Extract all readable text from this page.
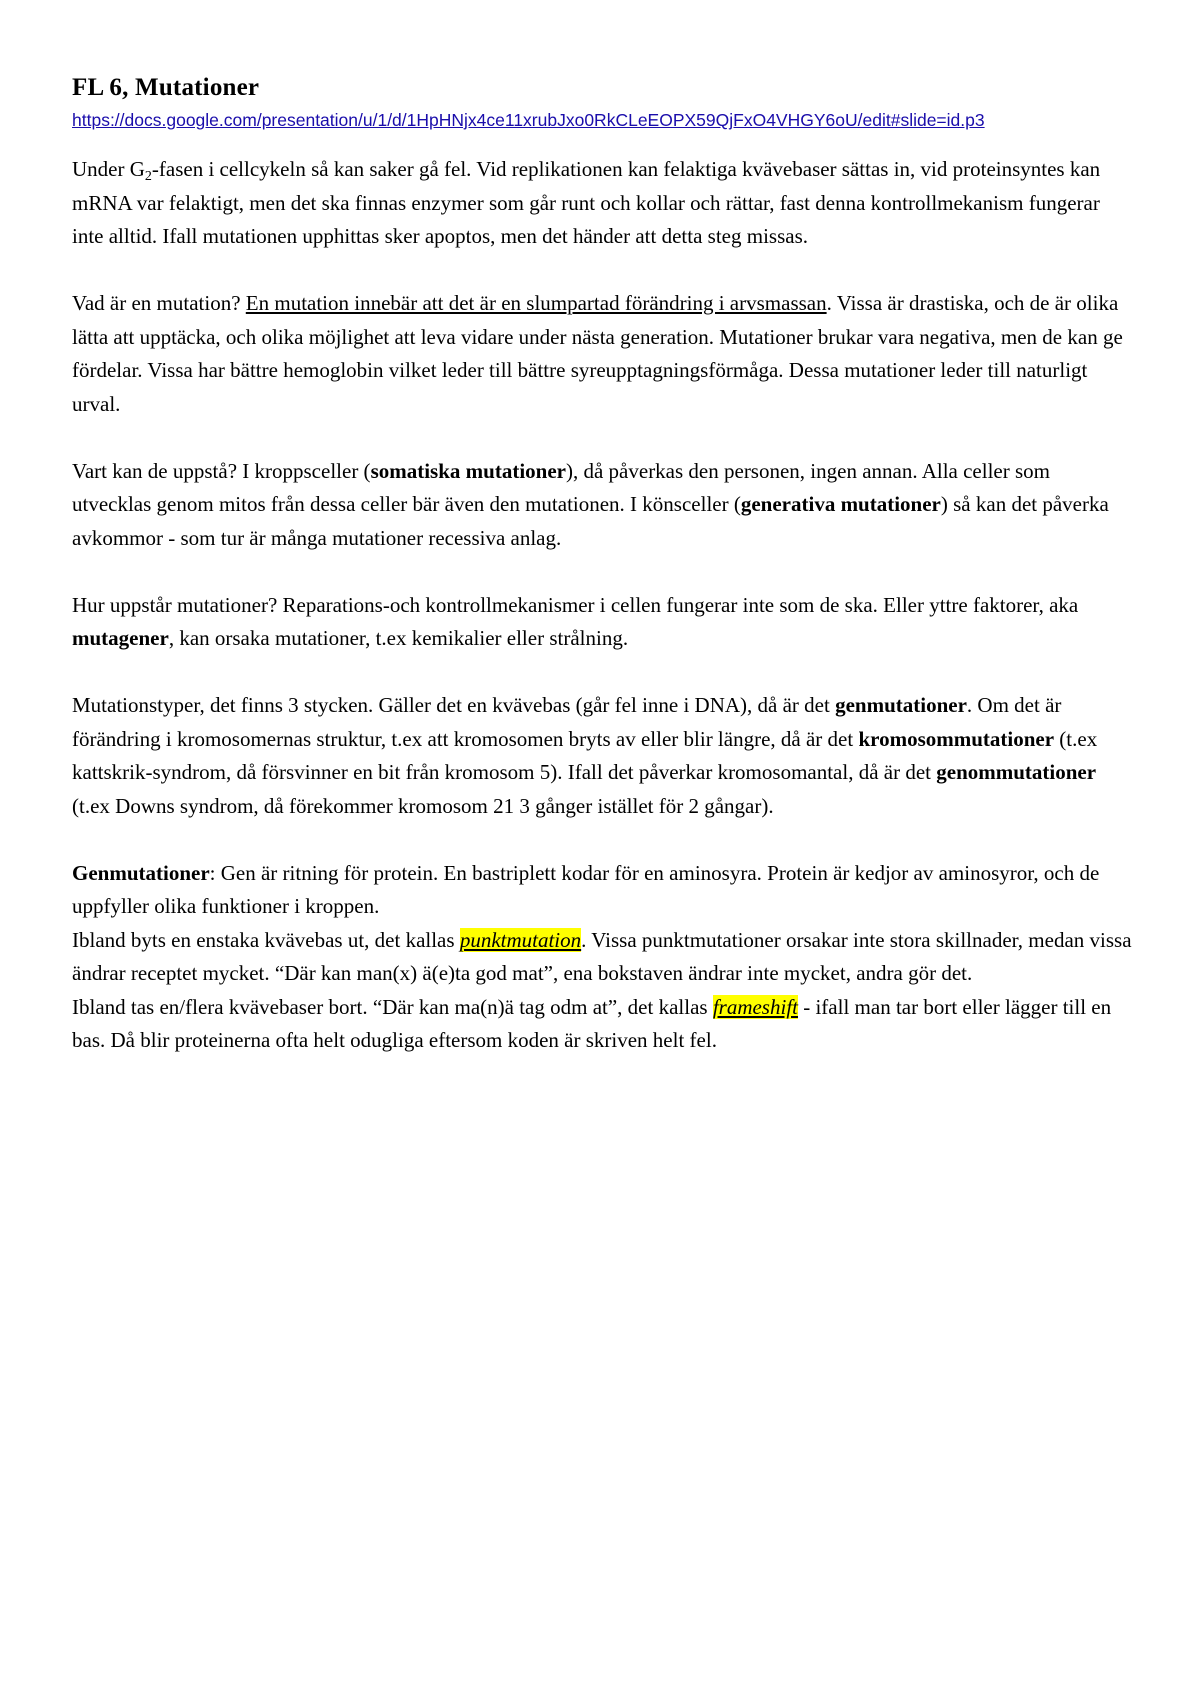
FL 6, Mutationer
https://docs.google.com/presentation/u/1/d/1HpHNjx4ce11xrubJxo0RkCLeEOPX59QjFxO4VHGY6oU/edit#slide=id.p3

Under $G_2$-fasen i cellcykeln så kan saker gå fel. Vid replikationen kan felaktiga kvävebaser sättas in, vid proteinsyntes kan mRNA var felaktigt, men det ska finnas enzymer som går runt och kollar och rättar, fast denna kontrollmekanism fungerar inte alltid. Ifall mutationen upphittas sker apoptos, men det händer att detta steg missas.

Vad är en mutation? En mutation innebär att det är en slumpartad förändring i arvsmassan. Vissa är drastiska, och de är olika lätta att upptäcka, och olika möjlighet att leva vidare under nästa generation. Mutationer brukar vara negativa, men de kan ge fördelar. Vissa har bättre hemoglobin vilket leder till bättre syreupptagningsförmåga. Dessa mutationer leder till naturligt urval.

Vart kan de uppstå? I kroppsceller (somatiska mutationer), då påverkas den personen, ingen annan. Alla celler som utvecklas genom mitos från dessa celler bär även den mutationen. I könsceller (generativa mutationer) så kan det påverka avkommor - som tur är många mutationer recessiva anlag.

Hur uppstår mutationer? Reparations-och kontrollmekanismer i cellen fungerar inte som de ska. Eller yttre faktorer, aka mutagener, kan orsaka mutationer, t.ex kemikalier eller strålning.

Mutationstyper, det finns 3 stycken. Gäller det en kvävebas (går fel inne i DNA), då är det genmutationer. Om det är förändring i kromosomernas struktur, t.ex att kromosomen bryts av eller blir längre, då är det kromosommutationer (t.ex kattskrik-syndrom, då försvinner en bit från kromosom 5). Ifall det påverkar kromosomantal, då är det genommutationer (t.ex Downs syndrom, då förekommer kromosom 21 3 gånger istället för 2 gångar).

Genmutationer: Gen är ritning för protein. En bastriplett kodar för en aminosyra. Protein är kedjor av aminosyror, och de uppfyller olika funktioner i kroppen.

Ibland byts en enstaka kvävebas ut, det kallas punktmutation. Vissa punktmutationer orsakar inte stora skillnader, medan vissa ändrar receptet mycket. “Där kan man(x) ä(e)ta god mat”, ena bokstaven ändrar inte mycket, andra gör det.

Ibland tas en/flera kvävebaser bort. “Där kan ma(n)ä tag odm at”, det kallas frameshift - ifall man tar bort eller lägger till en bas. Då blir proteinerna ofta helt odugliga eftersom koden är skriven helt fel.
